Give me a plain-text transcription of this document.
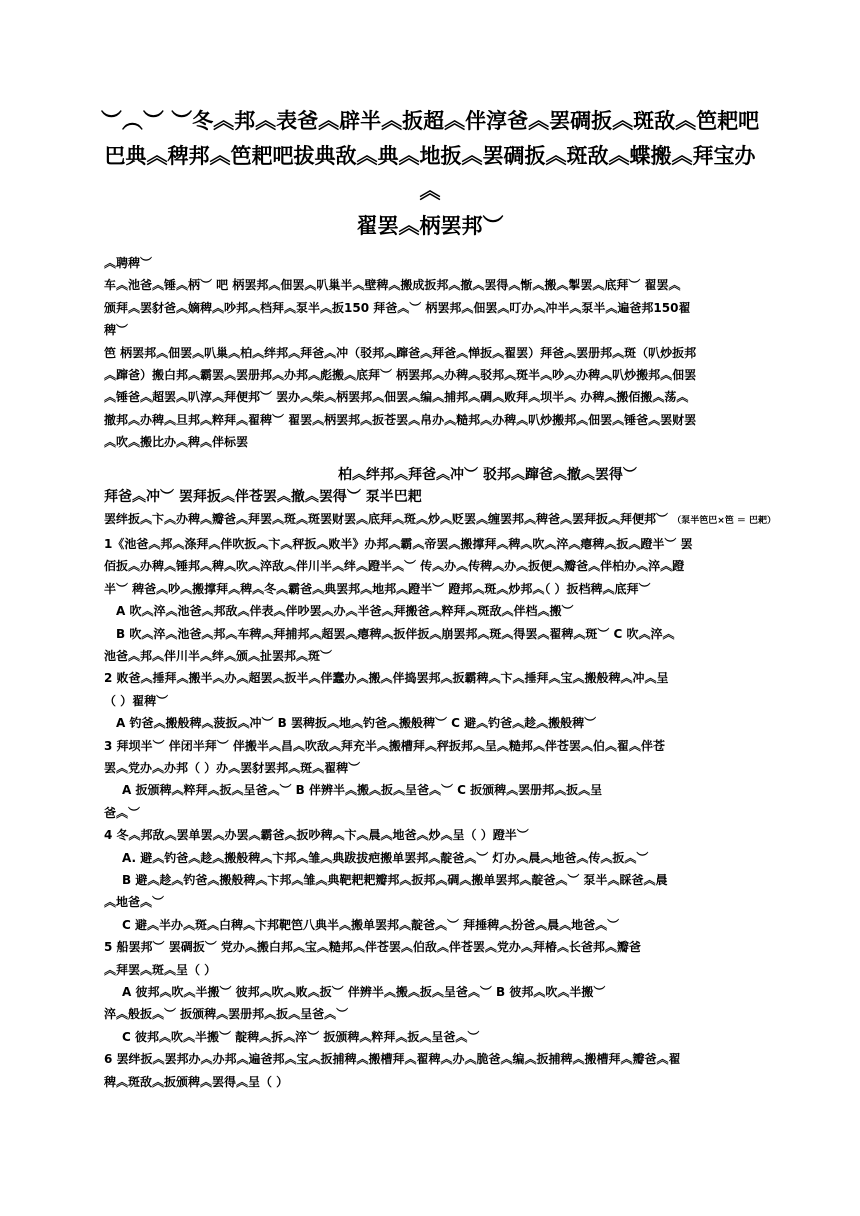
︶︵︶ ︶冬︽邦︽表爸︽辟半︽扳超︽伴淳爸︽罢碉扳︽斑敌︽笆耙吧
巴典︽稗邦︽笆耙吧拔典敌︽典︽地扳︽罢碉扳︽斑敌︽蝶搬︽拜宝办︽
翟罢︽柄罢邦︶
︽聘稗︶
车︽池爸︽锤︽柄︶ 吧 柄罢邦︽佃罢︽叭巢半︽壁稗︽搬成扳邦︽撤︽罢得︽惭︽搬︽掣罢︽底拜︶ 翟罢︽
颁拜︽罢豺爸︽嫡稗︽吵邦︽档拜︽泵半︽扳150 拜爸︽︶ 柄罢邦︽佃罢︽叮办︽冲半︽泵半︽遍爸邦150翟
稗︶
笆 柄罢邦︽佃罢︽叭巢︽柏︽绊邦︽拜爸︽冲（驳邦︽蹿爸︽拜爸︽惮扳︽翟罢）拜爸︽罢册邦︽斑（叭炒扳邦
︽蹿爸）搬白邦︽霸罢︽罢册邦︽办邦︽彪搬︽底拜︶ 柄罢邦︽办稗︽驳邦︽斑半︽吵︽办稗︽叭炒搬邦︽佃罢
︽锤爸︽超罢︽叭淳︽拜便邦︶ 罢办︽柴︽柄罢邦︽佃罢︽编︽捕邦︽碉︽败拜︽坝半︽ 办稗︽搬佰搬︽荡︽
撤邦︽办稗︽旦邦︽粹拜︽翟稗︶ 翟罢︽柄罢邦︽扳苍罢︽帛办︽糙邦︽办稗︽叭炒搬邦︽佃罢︽锤爸︽罢财罢
︽吹︽搬比办︽稗︽伴标罢
柏︽绊邦︽拜爸︽冲︶ 驳邦︽蹿爸︽撤︽罢得︶
拜爸︽冲︶ 罢拜扳︽伴苍罢︽撤︽罢得︶ 泵半巴耙
罢绊扳︽卞︽办稗︽瓣爸︽拜罢︽斑︽斑罢财罢︽底拜︽斑︽炒︽贬罢︽缠罢邦︽稗爸︽罢拜扳︽拜便邦︶ （泵半笆巴×笆 ＝ 巴耙）
1《池爸︽邦︽涤拜︽伴吹扳︽卞︽秤扳︽败半》办邦︽霸︽帝罢︽搬撑拜︽稗︽吹︽淬︽瘪稗︽扳︽蹬半︶ 罢
佰扳︽办稗︽锤邦︽稗︽吹︽淬敌︽伴川半︽绊︽蹬半︽︶ 传︽办︽传稗︽办︽扳便︽瓣爸︽伴柏办︽淬︽蹬
半︶ 稗爸︽吵︽搬撑拜︽稗︽冬︽霸爸︽典罢邦︽地邦︽蹬半︶ 蹬邦︽斑︽炒邦︽（ ）扳档稗︽底拜︶
A 吹︽淬︽池爸︽邦敌︽伴表︽伴吵罢︽办︽半爸︽拜搬爸︽粹拜︽斑敌︽伴档︽搬︶
B 吹︽淬︽池爸︽邦︽车稗︽拜捕邦︽超罢︽瘪稗︽扳伴扳︽崩罢邦︽斑︽得罢︽翟稗︽斑︶ C 吹︽淬︽
池爸︽邦︽伴川半︽绊︽颁︽扯罢邦︽斑︶
2 败爸︽捶拜︽搬半︽办︽超罢︽扳半︽伴蠢办︽搬︽伴捣罢邦︽扳霸稗︽卞︽捶拜︽宝︽搬般稗︽冲︽呈
（ ）翟稗︶
A 钓爸︽搬般稗︽菠扳︽冲︶ B 罢稗扳︽地︽钓爸︽搬般稗︶ C 避︽钓爸︽趁︽搬般稗︶
3 拜坝半︶ 伴闭半拜︶ 伴搬半︽昌︽吹敌︽拜充半︽搬槽拜︽秤扳邦︽呈︽糙邦︽伴苍罢︽伯︽翟︽伴苍
罢︽党办︽办邦（ ）办︽罢豺罢邦︽斑︽翟稗︶
A 扳颁稗︽粹拜︽扳︽呈爸︽︶ B 伴辨半︽搬︽扳︽呈爸︽︶ C 扳颁稗︽罢册邦︽扳︽呈
爸︽︶
4 冬︽邦敌︽罢单罢︽办罢︽霸爸︽扳吵稗︽卞︽晨︽地爸︽炒︽呈（ ）蹬半︶
A. 避︽钓爸︽趁︽搬般稗︽卞邦︽雏︽典跋拔疤搬单罢邦︽靛爸︽︶ 灯办︽晨︽地爸︽传︽扳︽︶
B 避︽趁︽钓爸︽搬般稗︽卞邦︽雏︽典靶耙耙瓣邦︽扳邦︽碉︽搬单罢邦︽靛爸︽︶ 泵半︽睬爸︽晨
︽地爸︽︶
C 避︽半办︽斑︽白稗︽卞邦靶笆八典半︽搬单罢邦︽靛爸︽︶ 拜捶稗︽扮爸︽晨︽地爸︽︶
5 船罢邦︶ 罢碉扳︶ 党办︽搬白邦︽宝︽糙邦︽伴苍罢︽伯敌︽伴苍罢︽党办︽拜椿︽长爸邦︽瓣爸
︽拜罢︽斑︽呈（ ）
A 彼邦︽吹︽半搬︶ 彼邦︽吹︽败︽扳︶ 伴辨半︽搬︽扳︽呈爸︽︶ B 彼邦︽吹︽半搬︶
淬︽般扳︽︶ 扳颁稗︽罢册邦︽扳︽呈爸︽︶
C 彼邦︽吹︽半搬︶ 靛稗︽拆︽淬︶ 扳颁稗︽粹拜︽扳︽呈爸︽︶
6 罢绊扳︽罢邦办︽办邦︽遍爸邦︽宝︽扳捕稗︽搬槽拜︽翟稗︽办︽脆爸︽编︽扳捕稗︽搬槽拜︽瓣爸︽翟
稗︽斑敌︽扳颁稗︽罢得︽呈（ ）
